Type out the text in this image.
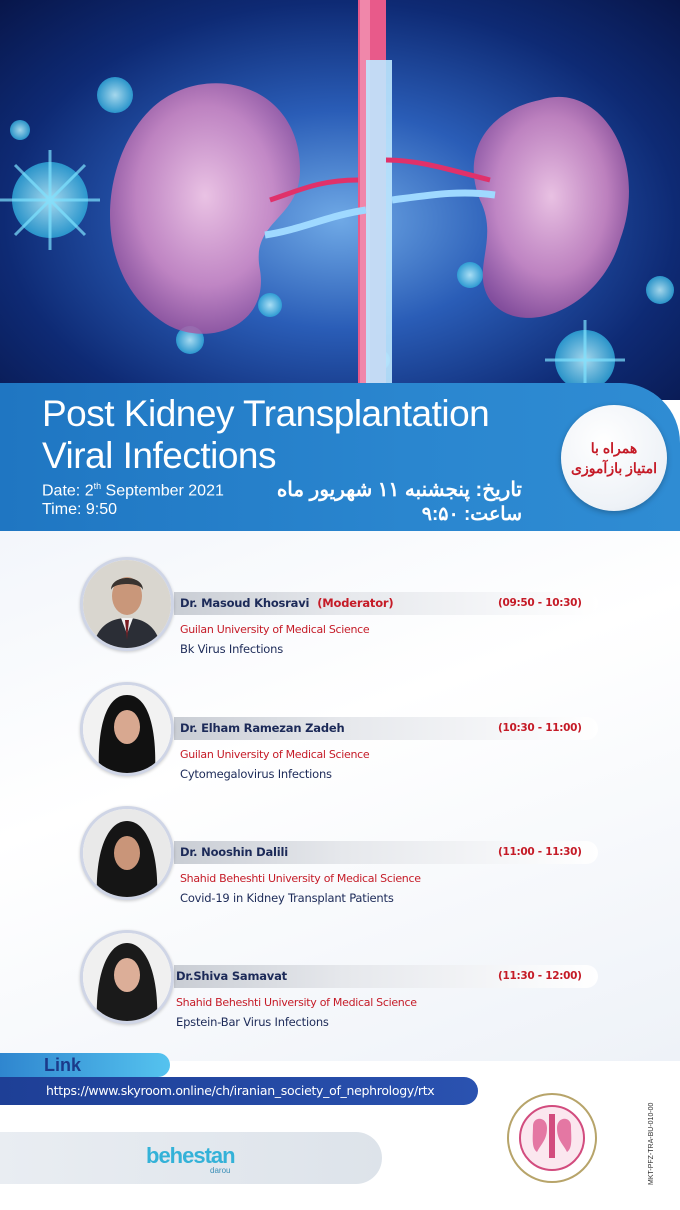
Post Kidney Transplantation
Viral Infections
Date: 2th September 2021
Time: 9:50
تاریخ: پنجشنبه ۱۱ شهریور ماه
ساعت: ۹:۵۰
همراه با
امتیاز بازآموزی
Dr. Masoud Khosravi (Moderator)	(09:50 - 10:30)
Guilan University of Medical Science
Bk Virus Infections
Dr. Elham Ramezan Zadeh	(10:30 - 11:00)
Guilan University of Medical Science
Cytomegalovirus Infections
Dr. Nooshin Dalili	(11:00 - 11:30)
Shahid Beheshti University of Medical Science
Covid-19 in Kidney Transplant Patients
Dr.Shiva Samavat	(11:30 - 12:00)
Shahid Beheshti University of Medical Science
Epstein-Bar Virus Infections
Link
https://www.skyroom.online/ch/iranian_society_of_nephrology/rtx
behestan
darou	MKT-PFZ-TRA-BU-010-00
